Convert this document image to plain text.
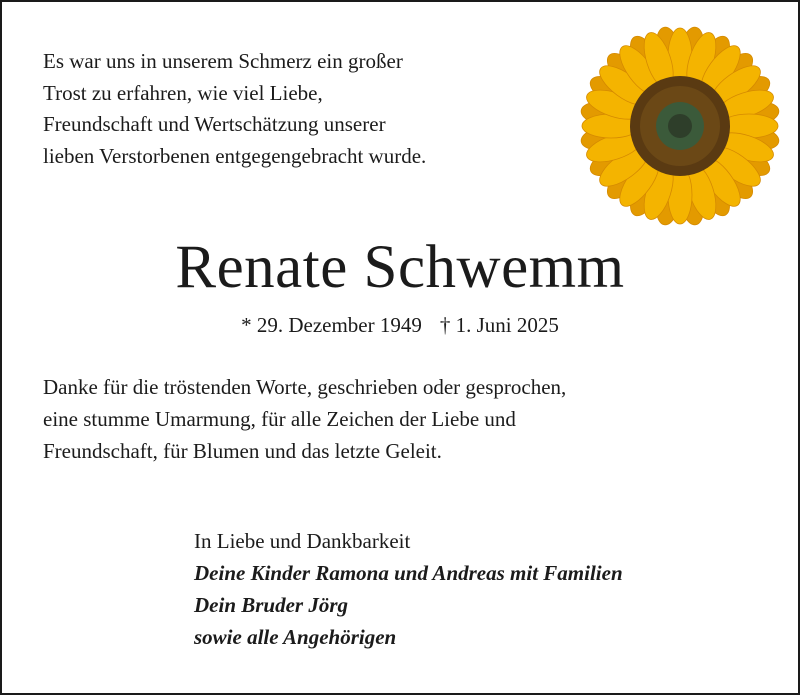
Es war uns in unserem Schmerz ein großer
Trost zu erfahren, wie viel Liebe,
Freundschaft und Wertschätzung unserer
lieben Verstorbenen entgegengebracht wurde.
Renate Schwemm
* 29. Dezember 1949 † 1. Juni 2025
Danke für die tröstenden Worte, geschrieben oder gesprochen,
eine stumme Umarmung, für alle Zeichen der Liebe und
Freundschaft, für Blumen und das letzte Geleit.
In Liebe und Dankbarkeit
Deine Kinder Ramona und Andreas mit Familien
Dein Bruder Jörg
sowie alle Angehörigen
